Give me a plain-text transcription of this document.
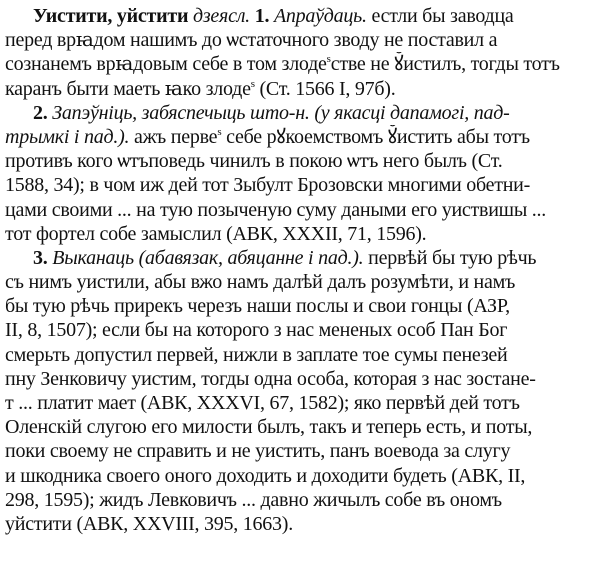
Уистити, уйстити дзеясл. 1. Апраўдаць. естли бы заводца
перед врꙗдом нашимъ до ѡстаточного зводу не поставил а
сознанемъ врꙗдовым себе в том злоде$^s$стве не ꙋ̆истилъ, тогды тотъ
каранъ быти маеть ꙗко злоде$^s$ (Ст. 1566 I, 97б).
2. Запэўніць, забяспечыць што-н. (у якасці дапамогі, пад-
трымкі і пад.). ажъ перве$^s$ себе рꙋкоемствомъ ꙋ̆истить абы тотъ
противъ кого ѡтъповедь чинилъ в покою ѡтъ него былъ (Ст.
1588, 34); в чом иж дей тот Зыбулт Брозовски многими обетни-
цами своими ... на тую позыченую суму даными его уиствишы ...
тот фортел собе замыслил (АВК, XXXII, 71, 1596).
3. Выканаць (абавязак, абяцанне і пад.). первѣй бы тую рѣчь
съ нимъ уистили, абы вжо намъ далѣй далъ розумѣти, и намъ
бы тую рѣчь прирекъ черезъ наши послы и свои гонцы (АЗР,
II, 8, 1507); если бы на которого з нас мененых особ Пан Бог
смерьть допустил первей, нижли в заплате тое сумы пенезей
пну Зенковичу уистим, тогды одна особа, которая з нас зостане-
т ... платит мает (АВК, XXXVI, 67, 1582); яко первѣй дей тотъ
Оленскій слугою его милости былъ, такъ и теперь есть, и поты,
поки своему не справить и не уистить, панъ воевода за слугу
и шкодника своего оного доходить и доходити будеть (АВК, II,
298, 1595); жидъ Левковичъ ... давно жичылъ собе въ ономъ
уйстити (АВК, XXVIII, 395, 1663).
